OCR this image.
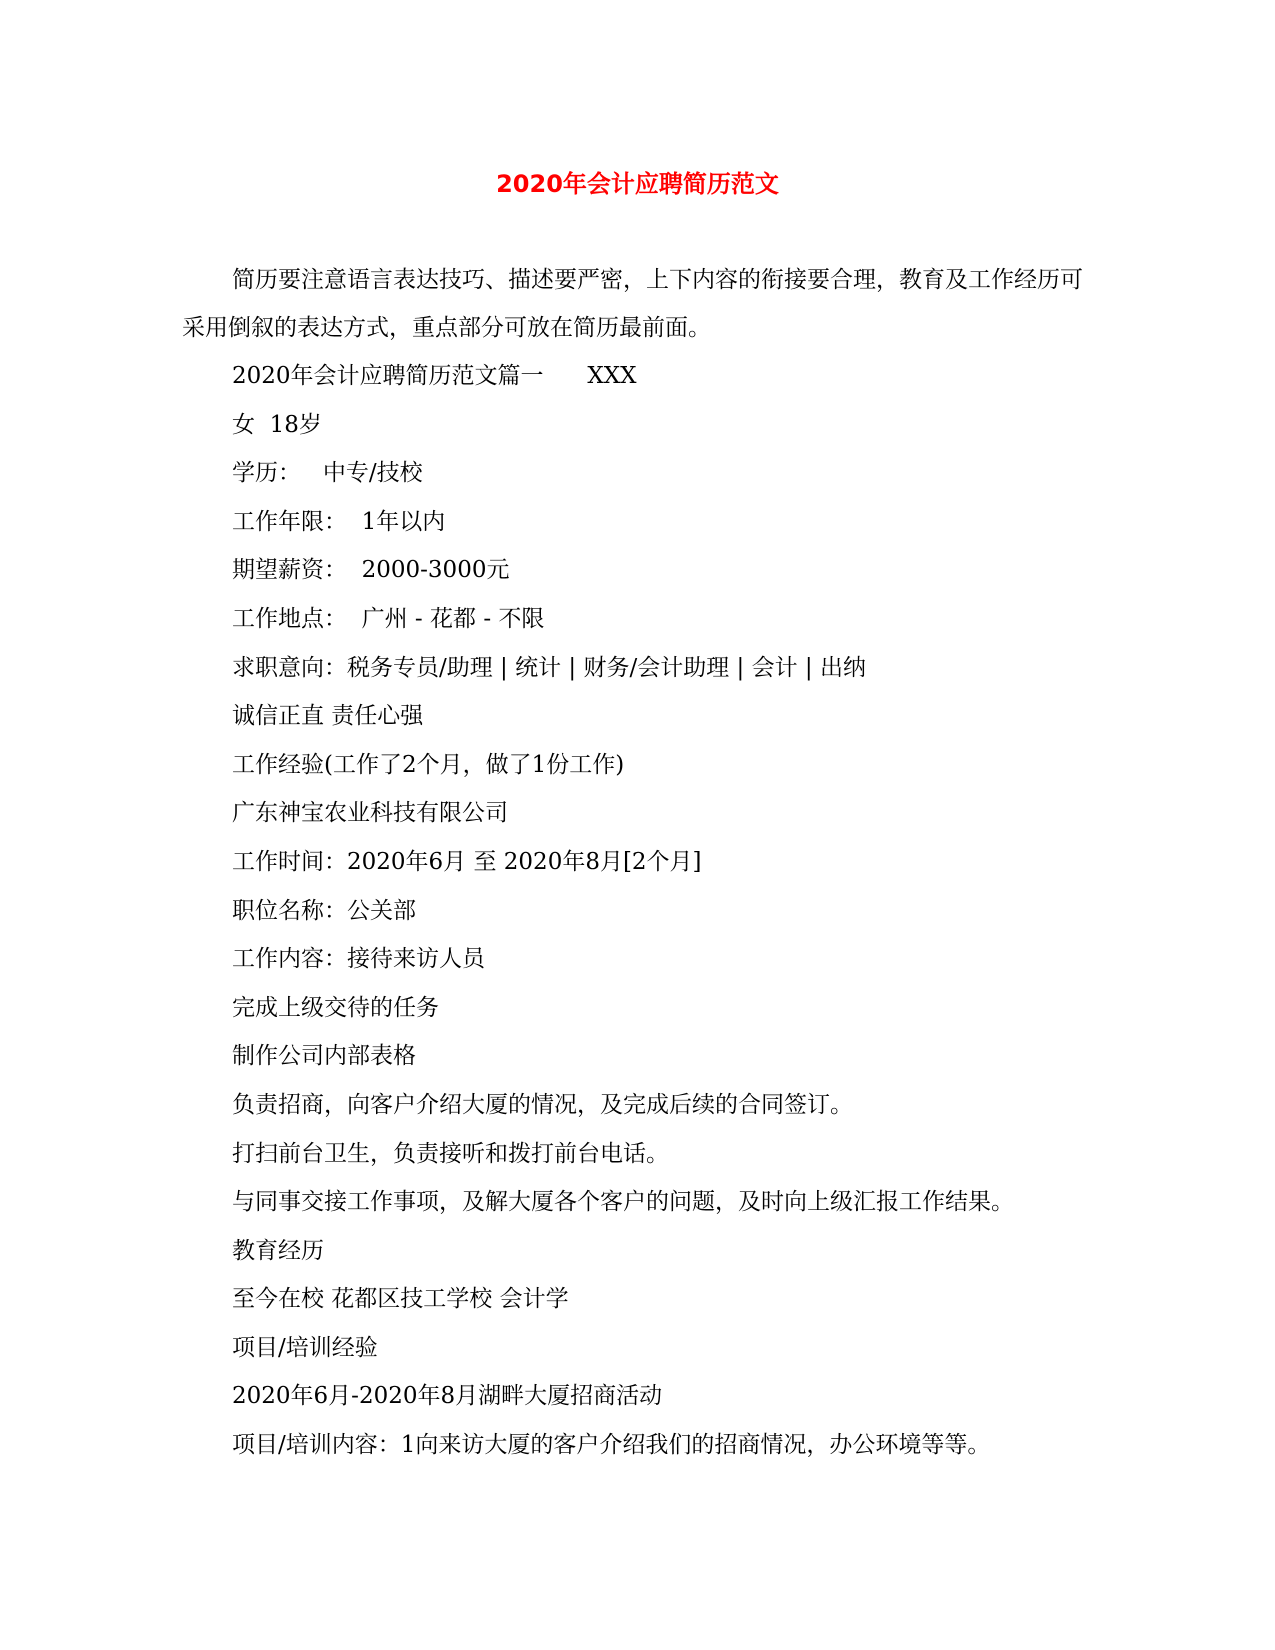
2020年会计应聘简历范文

简历要注意语言表达技巧、描述要严密，上下内容的衔接要合理，教育及工作经历可采用倒叙的表达方式，重点部分可放在简历最前面。

2020年会计应聘简历范文篇一      XXX
女  18岁
学历：   中专/技校
工作年限：  1年以内
期望薪资：  2000-3000元
工作地点：  广州 - 花都 - 不限
求职意向：税务专员/助理 | 统计 | 财务/会计助理 | 会计 | 出纳
诚信正直 责任心强
工作经验(工作了2个月，做了1份工作)
广东神宝农业科技有限公司
工作时间：2020年6月 至 2020年8月[2个月]
职位名称：公关部
工作内容：接待来访人员
完成上级交待的任务
制作公司内部表格
负责招商，向客户介绍大厦的情况，及完成后续的合同签订。
打扫前台卫生，负责接听和拨打前台电话。
与同事交接工作事项，及解大厦各个客户的问题，及时向上级汇报工作结果。
教育经历
至今在校 花都区技工学校 会计学
项目/培训经验
2020年6月-2020年8月湖畔大厦招商活动
项目/培训内容：1向来访大厦的客户介绍我们的招商情况，办公环境等等。
